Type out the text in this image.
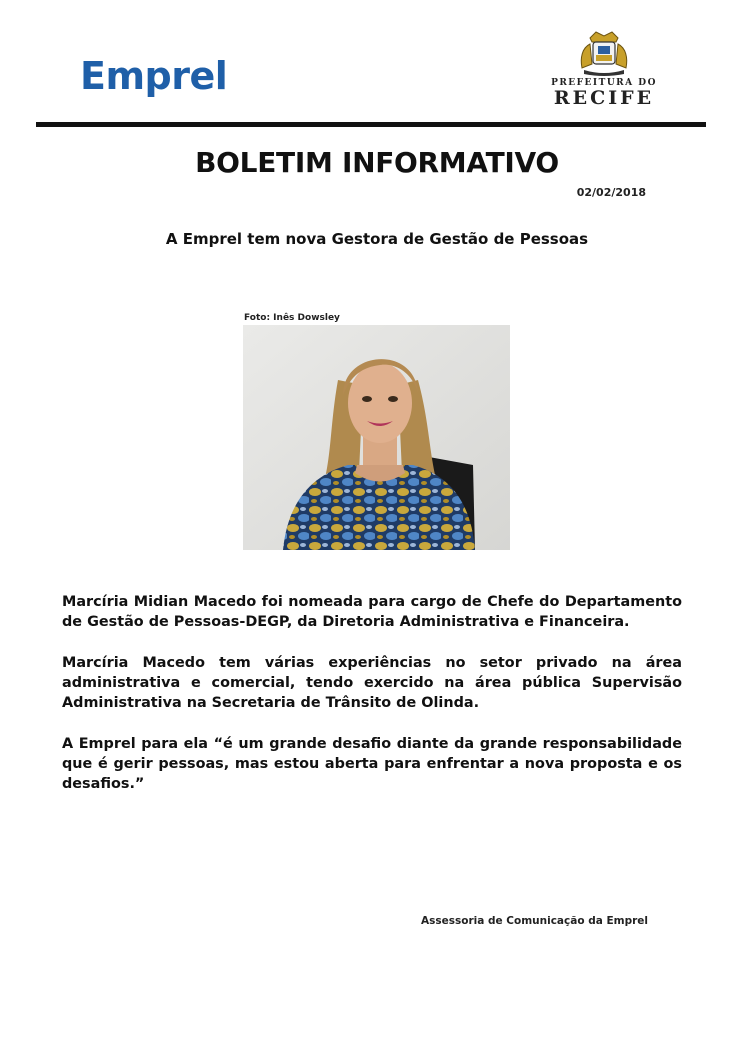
Emprel	PREFEITURA DO
RECIFE
BOLETIM INFORMATIVO
02/02/2018
A Emprel tem nova Gestora de Gestão de Pessoas
Foto: Inês Dowsley

Marcíria Midian Macedo foi nomeada para cargo de Chefe do Departamento de Gestão de Pessoas-DEGP, da Diretoria Administrativa e Financeira.

Marcíria Macedo tem várias experiências no setor privado na área administrativa e comercial, tendo exercido na área pública Supervisão Administrativa na Secretaria de Trânsito de Olinda.

A Emprel para ela “é um grande desafio diante da grande responsabilidade que é gerir pessoas, mas estou aberta para enfrentar a nova proposta e os desafios.”

Assessoria de Comunicação da Emprel
